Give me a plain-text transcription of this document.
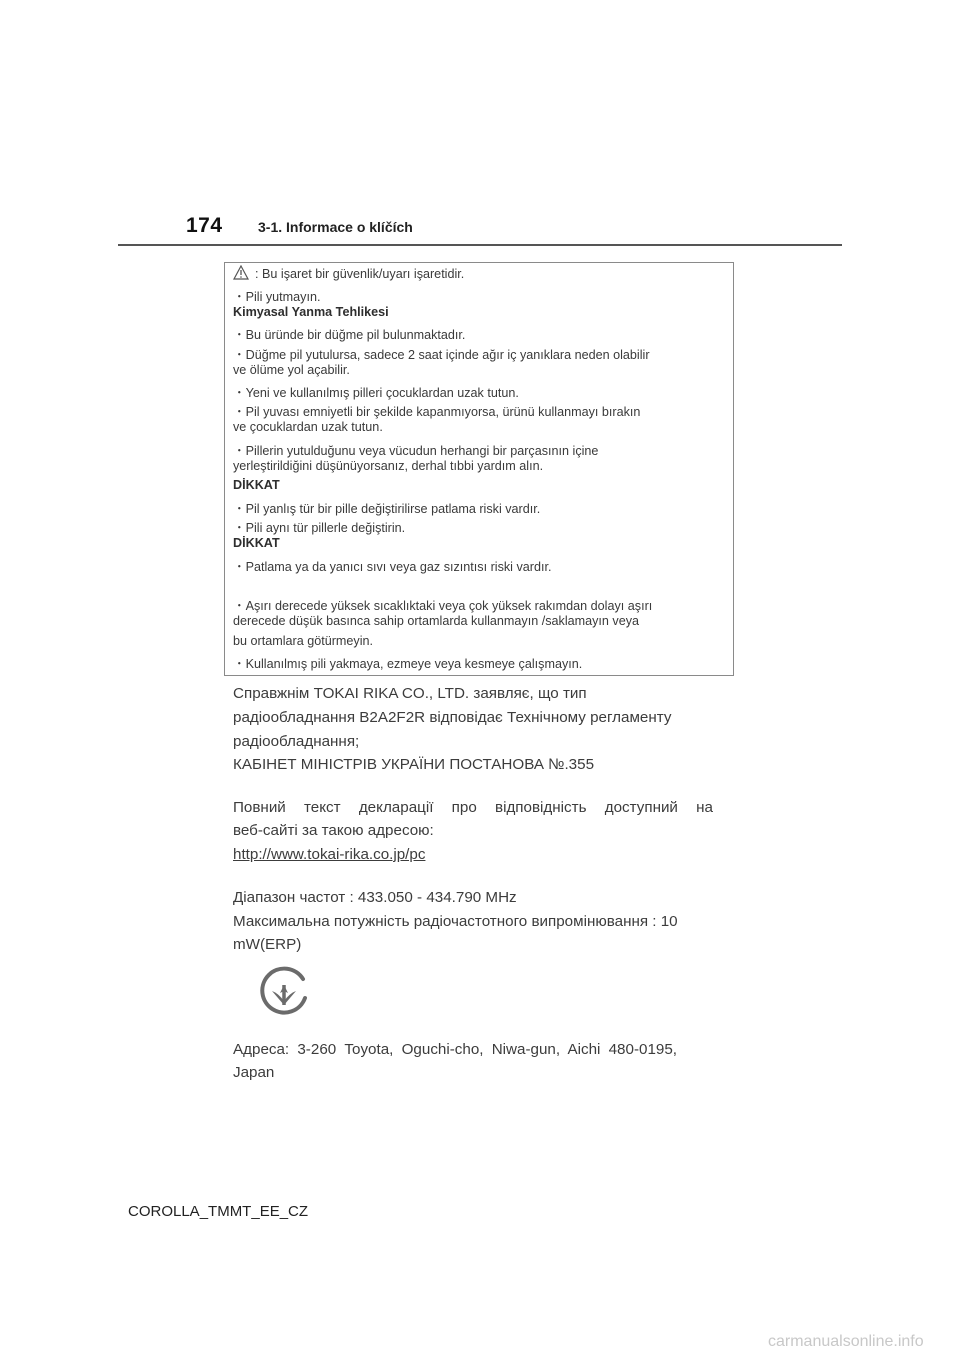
174	3-1. Informace o klíčích
: Bu işaret bir güvenlik/uyarı işaretidir.
・Pili yutmayın.
Kimyasal Yanma Tehlikesi
・Bu üründe bir düğme pil bulunmaktadır.
・Düğme pil yutulursa, sadece 2 saat içinde ağır iç yanıklara neden olabilir
ve ölüme yol açabilir.
・Yeni ve kullanılmış pilleri çocuklardan uzak tutun.
・Pil yuvası emniyetli bir şekilde kapanmıyorsa, ürünü kullanmayı bırakın
ve çocuklardan uzak tutun.
・Pillerin yutulduğunu veya vücudun herhangi bir parçasının içine
yerleştirildiğini düşünüyorsanız, derhal tıbbi yardım alın.
DİKKAT
・Pil yanlış tür bir pille değiştirilirse patlama riski vardır.
・Pili aynı tür pillerle değiştirin.
DİKKAT
・Patlama ya da yanıcı sıvı veya gaz sızıntısı riski vardır.
・Aşırı derecede yüksek sıcaklıktaki veya çok yüksek rakımdan dolayı aşırı
derecede düşük basınca sahip ortamlarda kullanmayın /saklamayın veya
bu ortamlara götürmeyin.
・Kullanılmış pili yakmaya, ezmeye veya kesmeye çalışmayın.
Справжнім TOKAI RIKA CO., LTD. заявляє, що тип
радіообладнання B2A2F2R відповідає Технічному регламенту
радіообладнання;
КАБІНЕТ МІНІСТРІВ УКРАЇНИ ПОСТАНОВА №.355
Повний текст декларації про відповідність доступний на
веб-сайті за такою адресою:
http://www.tokai-rika.co.jp/pc
Діапазон частот : 433.050 - 434.790 MHz
Максимальна потужність радіочастотного випромінювання : 10
mW(ERP)
Адреса: 3-260 Toyota, Oguchi-cho, Niwa-gun, Aichi 480-0195,
Japan
COROLLA_TMMT_EE_CZ
carmanualsonline.info
